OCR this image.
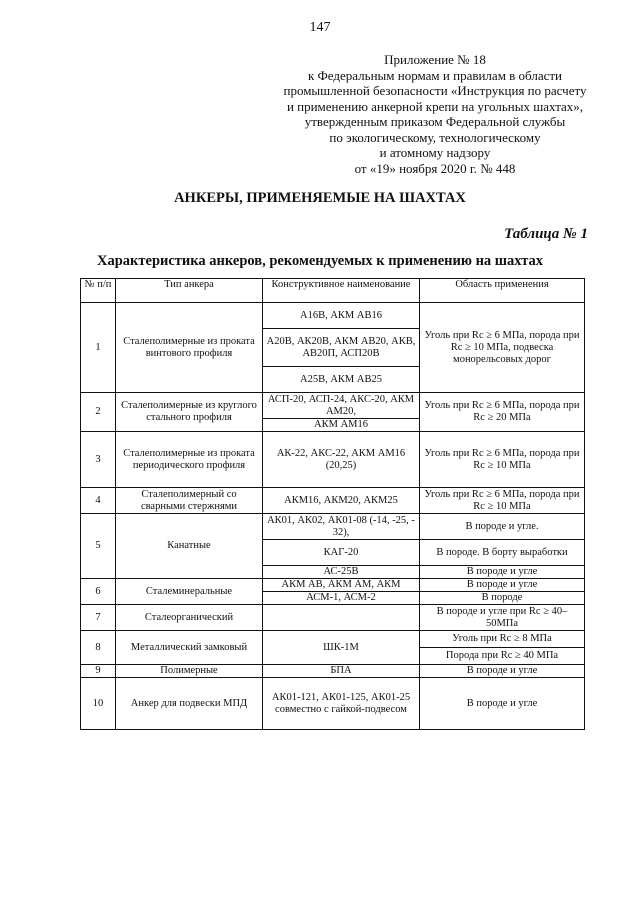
147
Приложение № 18
к Федеральным нормам и правилам в области
промышленной безопасности «Инструкция по расчету
и применению анкерной крепи на угольных шахтах»,
утвержденным приказом Федеральной службы
по экологическому, технологическому
и атомному надзору
от «19» ноября 2020 г. № 448
АНКЕРЫ, ПРИМЕНЯЕМЫЕ НА ШАХТАХ
Таблица № 1
Характеристика анкеров, рекомендуемых к применению на шахтах
№ п/п	Тип анкера	Конструктивное наименование	Область применения
1	Сталеполимерные из проката винтового профиля	А16В, АКМ АВ16	Уголь при Rc ≥ 6 МПа, порода при Rc ≥ 10 МПа, подвеска монорельсовых дорог
		А20В, АК20В, АКМ АВ20, АКВ, АВ20П, АСП20В	
		А25В, АКМ АВ25	
2	Сталеполимерные из круглого стального профиля	АСП-20, АСП-24, АКС-20, АКМ АМ20,	Уголь при Rc ≥ 6 МПа, порода при Rc ≥ 20 МПа
		АКМ АМ16	
3	Сталеполимерные из проката периодического профиля	АК-22, АКС-22, АКМ АМ16 (20,25)	Уголь при Rc ≥ 6 МПа, порода при Rc ≥ 10 МПа
4	Сталеполимерный со сварными стержнями	АКМ16, АКМ20, АКМ25	Уголь при Rc ≥ 6 МПа, порода при Rc ≥ 10 МПа
5	Канатные	АК01, АК02, АК01-08 (-14, -25, - 32),	В породе и угле.
		КАГ-20	В породе. В борту выработки
		АС-25В	В породе и угле
6	Сталеминеральные	АКМ АВ, АКМ АМ, АКМ	В породе и угле
		АСМ-1, АСМ-2	В породе
7	Сталеорганический		В породе и угле при Rc ≥ 40–50МПа
8	Металлический замковый	ШК-1М	Уголь при Rc ≥ 8 МПа
			Порода при Rc ≥ 40 МПа
9	Полимерные	БПА	В породе и угле
10	Анкер для подвески МПД	АК01-121, АК01-125, АК01-25 совместно с гайкой-подвесом	В породе и угле
